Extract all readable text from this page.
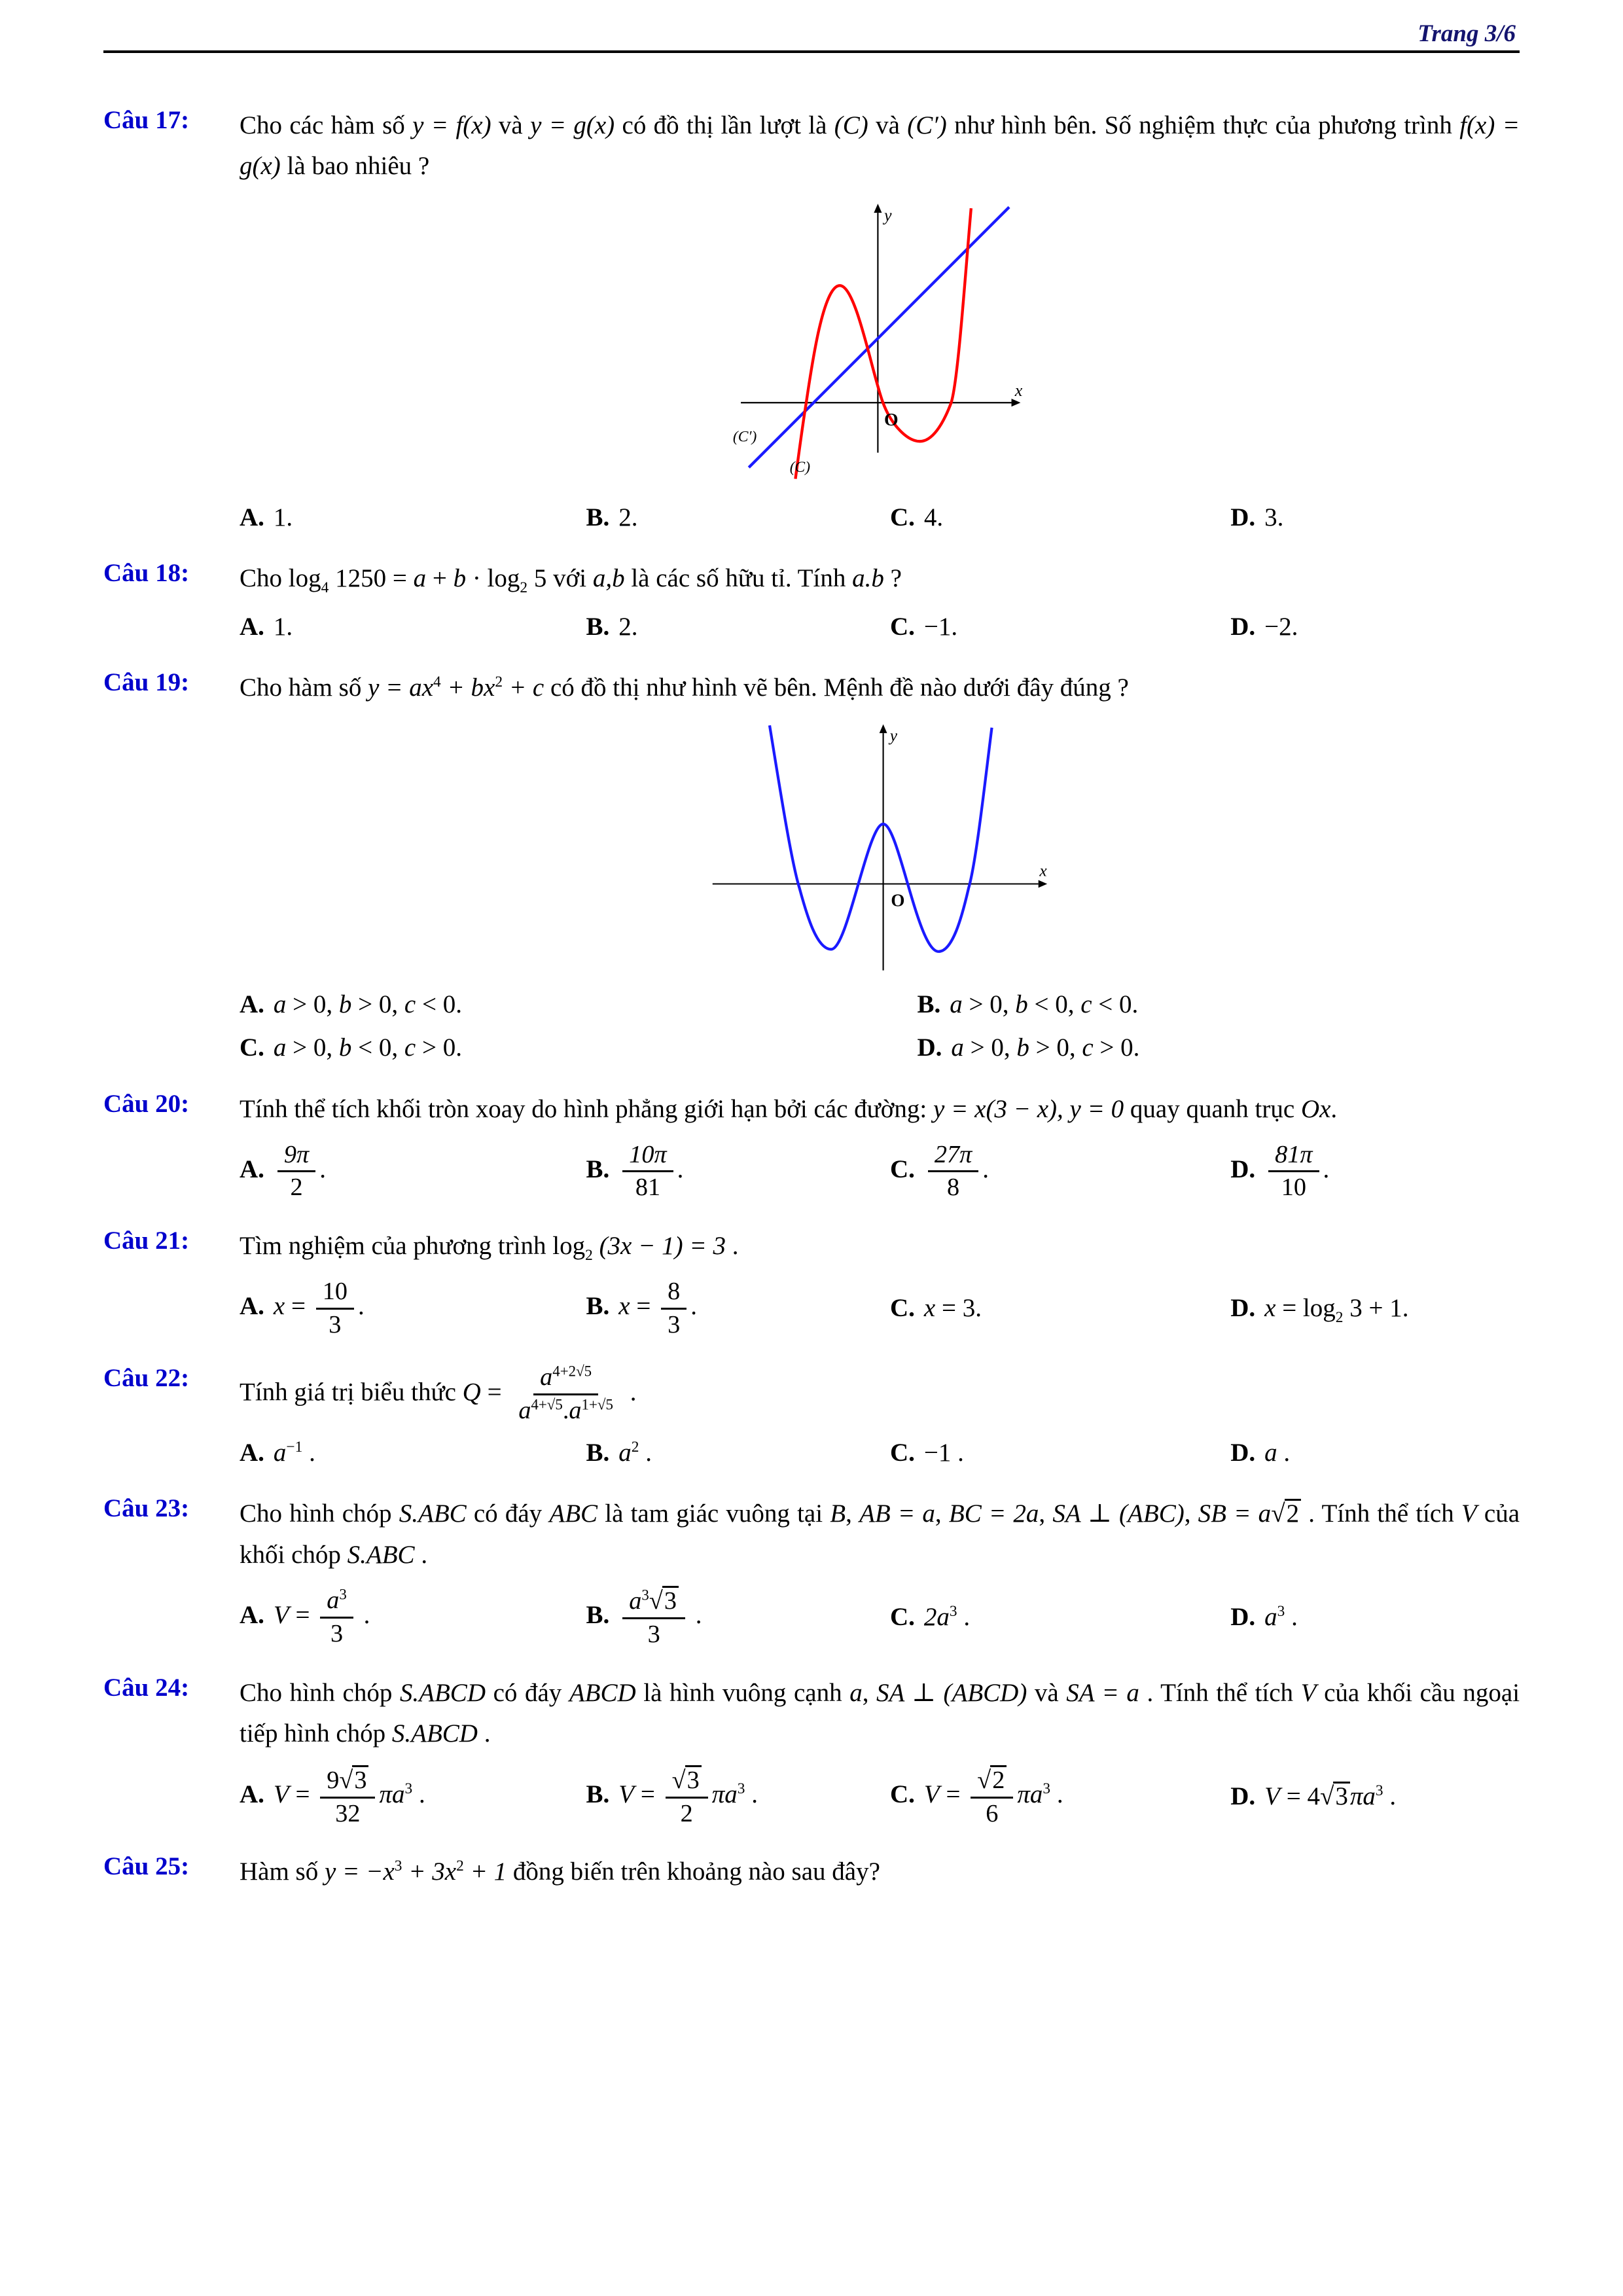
Trang 3/6
Câu 17:	Cho các hàm số y = f(x) và y = g(x) có đồ thị lần lượt là (C) và (C′) như hình bên. Số nghiệm thực của phương trình f(x) = g(x) là bao nhiêu ?

y
x
O
(C′)
(C)
A. 1.	B. 2.	C. 4.	D. 3.
Câu 18:	Cho $\log_4 1250 = a + b \cdot \log_2 5$ với a,b là các số hữu tỉ. Tính a.b ?

A. 1.	B. 2.	C. −1.	D. −2.
Câu 19:	Cho hàm số $y = ax^4 + bx^2 + c$ có đồ thị như hình vẽ bên. Mệnh đề nào dưới đây đúng ?

y
x
O
A. a > 0, b > 0, c < 0.	B. a > 0, b < 0, c < 0.
C. a > 0, b < 0, c > 0.	D. a > 0, b > 0, c > 0.
Câu 20:	Tính thể tích khối tròn xoay do hình phẳng giới hạn bởi các đường: y = x(3 − x), y = 0 quay quanh trục Ox.

A. $\frac{9\pi}{2}$ .	B. $\frac{10\pi}{81}$ .	C. $\frac{27\pi}{8}$ .	D. $\frac{81\pi}{10}$ .
Câu 21:	Tìm nghiệm của phương trình $\log_2 (3x - 1) = 3$ .

A. $x = \frac{10}{3}$ .	B. $x = \frac{8}{3}$ .	C. x = 3.	D. $x = \log_2 3 + 1$.
Câu 22:	Tính giá trị biểu thức $Q = \frac{a^{4+2√5}}{a^{4+√5}.a^{1+√5}}$ .

A. $a^{-1}$ .	B. $a^2$ .	C. −1 .	D. a .
Câu 23:	Cho hình chóp S.ABC có đáy ABC là tam giác vuông tại B, AB = a, BC = 2a, SA ⊥ (ABC), SB = a √ 2 . Tính thể tích V của khối chóp S.ABC .

A. $V = \frac{a^3}{3}$ .	B. $\frac{a^3 √ 3}{3}$ .	C. $2a^3$ .	D. $a^3$ .
Câu 24:	Cho hình chóp S.ABCD có đáy ABCD là hình vuông cạnh a, SA ⊥ (ABCD) và SA = a . Tính thể tích V của khối cầu ngoại tiếp hình chóp S.ABCD .

A. $V = \frac{9 √ 3}{32} \pi a^3$ .	B. $V = \frac{√ 3}{2} \pi a^3$ .	C. $V = \frac{√ 2}{6} \pi a^3$ .	D. V = 4 √ 3 $\pi a^3$ .
Câu 25:	Hàm số $y = -x^3 + 3x^2 + 1$ đồng biến trên khoảng nào sau đây?
